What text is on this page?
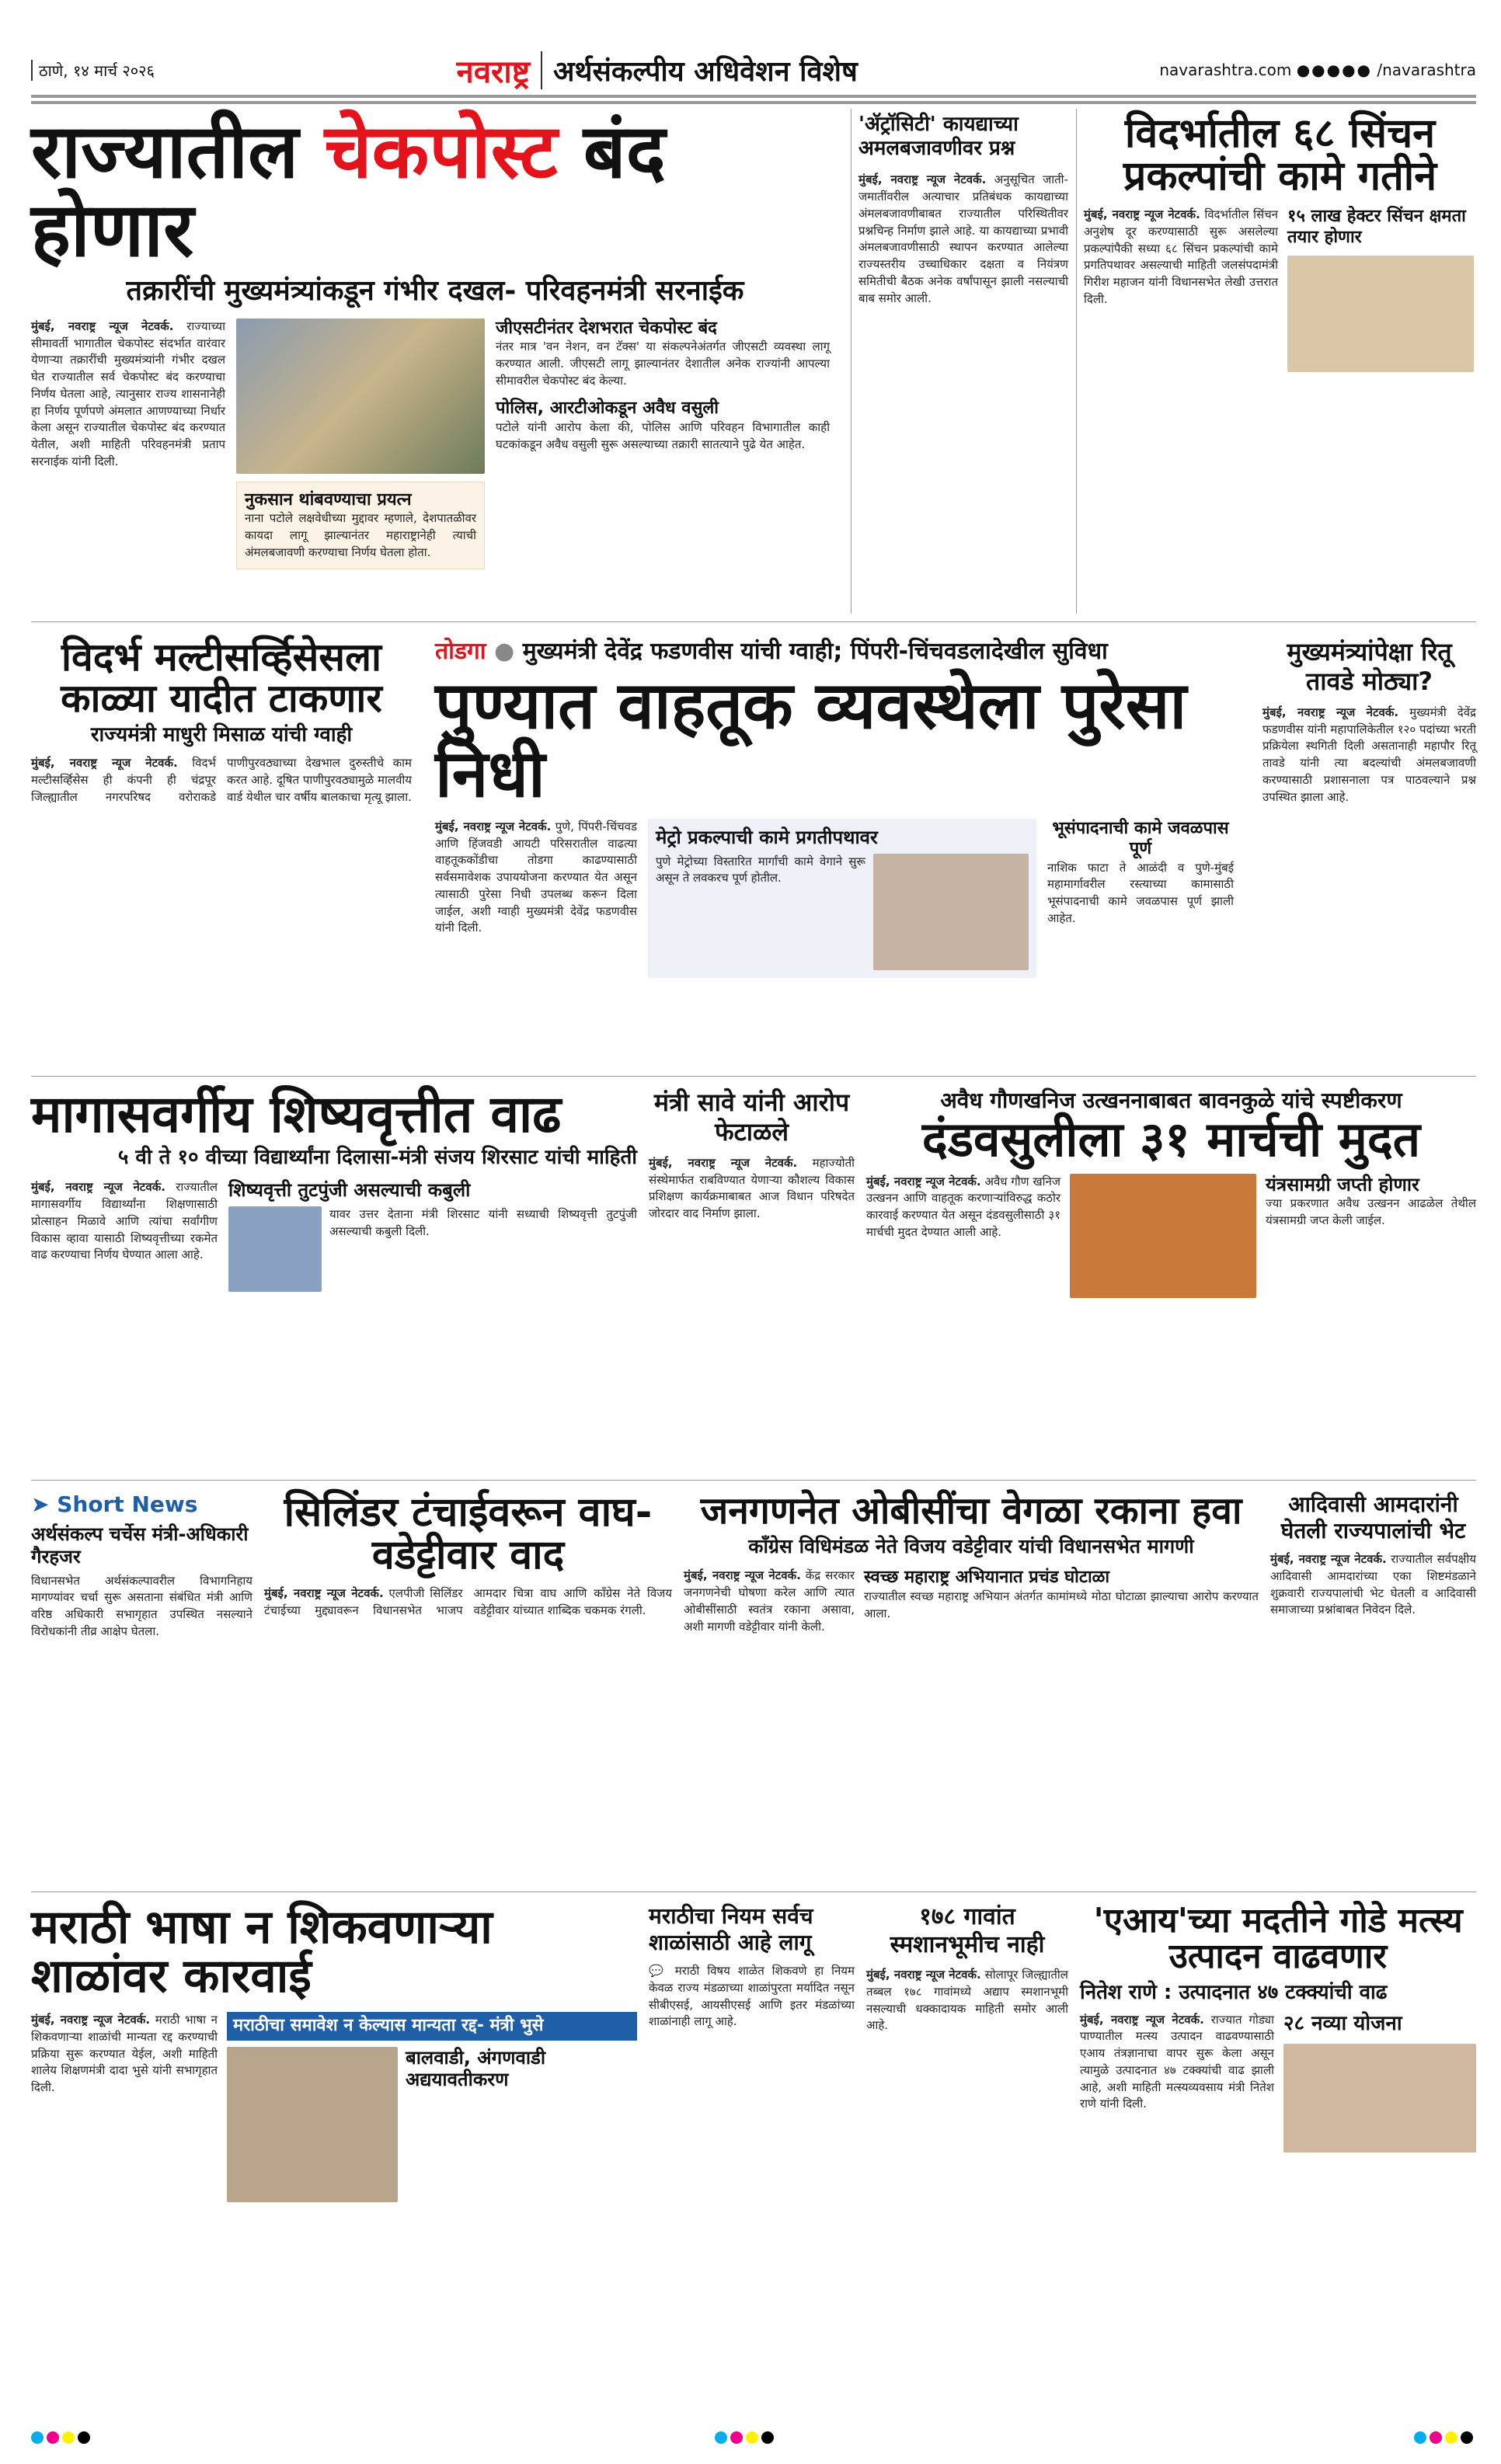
ठाणे, १४ मार्च २०२६	नवराष्ट्र अर्थसंकल्पीय अधिवेशन विशेष	navarashtra.com ●●●●● /navarashtra
राज्यातील चेकपोस्ट बंद होणार
तक्रारींची मुख्यमंत्र्यांकडून गंभीर दखल- परिवहनमंत्री सरनाईक
मुंबई, नवराष्ट्र न्यूज नेटवर्क. राज्याच्या सीमावर्ती भागातील चेकपोस्ट संदर्भात वारंवार येणाऱ्या तक्रारींची मुख्यमंत्र्यांनी गंभीर दखल घेत राज्यातील सर्व चेकपोस्ट बंद करण्याचा निर्णय घेतला आहे, त्यानुसार राज्य शासनानेही हा निर्णय पूर्णपणे अंमलात आणण्याच्या निर्धार केला असून राज्यातील चेकपोस्ट बंद करण्यात येतील, अशी माहिती परिवहनमंत्री प्रताप सरनाईक यांनी दिली.
नुकसान थांबवण्याचा प्रयत्न
नाना पटोले लक्षवेधीच्या मुद्दावर म्हणाले, देशपातळीवर कायदा लागू झाल्यानंतर महाराष्ट्रानेही त्याची अंमलबजावणी करण्याचा निर्णय घेतला होता.
जीएसटीनंतर देशभरात चेकपोस्ट बंद
नंतर मात्र 'वन नेशन, वन टॅक्स' या संकल्पनेअंतर्गत जीएसटी व्यवस्था लागू करण्यात आली. जीएसटी लागू झाल्यानंतर देशातील अनेक राज्यांनी आपल्या सीमावरील चेकपोस्ट बंद केल्या.
पोलिस, आरटीओकडून अवैध वसुली
पटोले यांनी आरोप केला की, पोलिस आणि परिवहन विभागातील काही घटकांकडून अवैध वसुली सुरू असल्याच्या तक्रारी सातत्याने पुढे येत आहेत.
'ॲट्रॉसिटी' कायद्याच्या अमलबजावणीवर प्रश्न
मुंबई, नवराष्ट्र न्यूज नेटवर्क. अनुसूचित जाती-जमातींवरील अत्याचार प्रतिबंधक कायद्याच्या अंमलबजावणीबाबत राज्यातील परिस्थितीवर प्रश्नचिन्ह निर्माण झाले आहे. या कायद्याच्या प्रभावी अंमलबजावणीसाठी स्थापन करण्यात आलेल्या राज्यस्तरीय उच्चाधिकार दक्षता व नियंत्रण समितीची बैठक अनेक वर्षांपासून झाली नसल्याची बाब समोर आली.
विदर्भातील ६८ सिंचन प्रकल्पांची कामे गतीने
मुंबई, नवराष्ट्र न्यूज नेटवर्क. विदर्भातील सिंचन अनुशेष दूर करण्यासाठी सुरू असलेल्या प्रकल्पांपैकी सध्या ६८ सिंचन प्रकल्पांची कामे प्रगतिपथावर असल्याची माहिती जलसंपदामंत्री गिरीश महाजन यांनी विधानसभेत लेखी उत्तरात दिली.
१५ लाख हेक्टर सिंचन क्षमता तयार होणार
विदर्भ मल्टीसर्व्हिसेसला काळ्या यादीत टाकणार
राज्यमंत्री माधुरी मिसाळ यांची ग्वाही
मुंबई, नवराष्ट्र न्यूज नेटवर्क. विदर्भ मल्टीसर्व्हिसेस ही कंपनी ही चंद्रपूर जिल्ह्यातील नगरपरिषद वरोराकडे पाणीपुरवठ्याच्या देखभाल दुरुस्तीचे काम करत आहे. दूषित पाणीपुरवठ्यामुळे मालवीय वार्ड येथील चार वर्षीय बालकाचा मृत्यू झाला.
तोडगा ● मुख्यमंत्री देवेंद्र फडणवीस यांची ग्वाही; पिंपरी-चिंचवडलादेखील सुविधा
पुण्यात वाहतूक व्यवस्थेला पुरेसा निधी
मुंबई, नवराष्ट्र न्यूज नेटवर्क. पुणे, पिंपरी-चिंचवड आणि हिंजवडी आयटी परिसरातील वाढत्या वाहतूककोंडीचा तोडगा काढण्यासाठी सर्वसमावेशक उपाययोजना करण्यात येत असून त्यासाठी पुरेसा निधी उपलब्ध करून दिला जाईल, अशी ग्वाही मुख्यमंत्री देवेंद्र फडणवीस यांनी दिली.
मेट्रो प्रकल्पाची कामे प्रगतीपथावर
पुणे मेट्रोच्या विस्तारित मार्गांची कामे वेगाने सुरू असून ते लवकरच पूर्ण होतील.
भूसंपादनाची कामे जवळपास पूर्ण
नाशिक फाटा ते आळंदी व पुणे-मुंबई महामार्गावरील रस्त्याच्या कामासाठी भूसंपादनाची कामे जवळपास पूर्ण झाली आहेत.
मुख्यमंत्र्यांपेक्षा रितू तावडे मोठ्या?
मुंबई, नवराष्ट्र न्यूज नेटवर्क. मुख्यमंत्री देवेंद्र फडणवीस यांनी महापालिकेतील १२० पदांच्या भरती प्रक्रियेला स्थगिती दिली असतानाही महापौर रितू तावडे यांनी त्या बदल्यांची अंमलबजावणी करण्यासाठी प्रशासनाला पत्र पाठवल्याने प्रश्न उपस्थित झाला आहे.
मागासवर्गीय शिष्यवृत्तीत वाढ
५ वी ते १० वीच्या विद्यार्थ्यांना दिलासा-मंत्री संजय शिरसाट यांची माहिती
मुंबई, नवराष्ट्र न्यूज नेटवर्क. राज्यातील मागासवर्गीय विद्यार्थ्यांना शिक्षणासाठी प्रोत्साहन मिळावे आणि त्यांचा सर्वांगीण विकास व्हावा यासाठी शिष्यवृत्तीच्या रकमेत वाढ करण्याचा निर्णय घेण्यात आला आहे.
शिष्यवृत्ती तुटपुंजी असल्याची कबुली
यावर उत्तर देताना मंत्री शिरसाट यांनी सध्याची शिष्यवृत्ती तुटपुंजी असल्याची कबुली दिली.
मंत्री सावे यांनी आरोप फेटाळले
मुंबई, नवराष्ट्र न्यूज नेटवर्क. महाज्योती संस्थेमार्फत राबविण्यात येणाऱ्या कौशल्य विकास प्रशिक्षण कार्यक्रमाबाबत आज विधान परिषदेत जोरदार वाद निर्माण झाला.
अवैध गौणखनिज उत्खननाबाबत बावनकुळे यांचे स्पष्टीकरण
दंडवसुलीला ३१ मार्चची मुदत
मुंबई, नवराष्ट्र न्यूज नेटवर्क. अवैध गौण खनिज उत्खनन आणि वाहतूक करणाऱ्यांविरुद्ध कठोर कारवाई करण्यात येत असून दंडवसुलीसाठी ३१ मार्चची मुदत देण्यात आली आहे.
यंत्रसामग्री जप्ती होणार
ज्या प्रकरणात अवैध उत्खनन आढळेल तेथील यंत्रसामग्री जप्त केली जाईल.
➤ Short News
अर्थसंकल्प चर्चेस मंत्री-अधिकारी गैरहजर
विधानसभेत अर्थसंकल्पावरील विभागनिहाय मागण्यांवर चर्चा सुरू असताना संबंधित मंत्री आणि वरिष्ठ अधिकारी सभागृहात उपस्थित नसल्याने विरोधकांनी तीव्र आक्षेप घेतला.
सिलिंडर टंचाईवरून वाघ-वडेट्टीवार वाद
मुंबई, नवराष्ट्र न्यूज नेटवर्क. एलपीजी सिलिंडर टंचाईच्या मुद्द्यावरून विधानसभेत भाजप आमदार चित्रा वाघ आणि काँग्रेस नेते विजय वडेट्टीवार यांच्यात शाब्दिक चकमक रंगली.
जनगणनेत ओबीसींचा वेगळा रकाना हवा
काँग्रेस विधिमंडळ नेते विजय वडेट्टीवार यांची विधानसभेत मागणी
मुंबई, नवराष्ट्र न्यूज नेटवर्क. केंद्र सरकार जनगणनेची घोषणा करेल आणि त्यात ओबीसींसाठी स्वतंत्र रकाना असावा, अशी मागणी वडेट्टीवार यांनी केली.
स्वच्छ महाराष्ट्र अभियानात प्रचंड घोटाळा
राज्यातील स्वच्छ महाराष्ट्र अभियान अंतर्गत कामांमध्ये मोठा घोटाळा झाल्याचा आरोप करण्यात आला.
आदिवासी आमदारांनी घेतली राज्यपालांची भेट
मुंबई, नवराष्ट्र न्यूज नेटवर्क. राज्यातील सर्वपक्षीय आदिवासी आमदारांच्या एका शिष्टमंडळाने शुक्रवारी राज्यपालांची भेट घेतली व आदिवासी समाजाच्या प्रश्नांबाबत निवेदन दिले.
मराठी भाषा न शिकवणाऱ्या शाळांवर कारवाई
मुंबई, नवराष्ट्र न्यूज नेटवर्क. मराठी भाषा न शिकवणाऱ्या शाळांची मान्यता रद्द करण्याची प्रक्रिया सुरू करण्यात येईल, अशी माहिती शालेय शिक्षणमंत्री दादा भुसे यांनी सभागृहात दिली.
मराठीचा समावेश न केल्यास मान्यता रद्द- मंत्री भुसे
बालवाडी, अंगणवाडी अद्ययावतीकरण
मराठीचा नियम सर्वच शाळांसाठी आहे लागू
💬 मराठी विषय शाळेत शिकवणे हा नियम केवळ राज्य मंडळाच्या शाळांपुरता मर्यादित नसून सीबीएसई, आयसीएसई आणि इतर मंडळांच्या शाळांनाही लागू आहे.
१७८ गावांत स्मशानभूमीच नाही
मुंबई, नवराष्ट्र न्यूज नेटवर्क. सोलापूर जिल्ह्यातील तब्बल १७८ गावांमध्ये अद्याप स्मशानभूमी नसल्याची धक्कादायक माहिती समोर आली आहे.
'एआय'च्या मदतीने गोडे मत्स्य उत्पादन वाढवणार
नितेश राणे : उत्पादनात ४७ टक्क्यांची वाढ
मुंबई, नवराष्ट्र न्यूज नेटवर्क. राज्यात गोड्या पाण्यातील मत्स्य उत्पादन वाढवण्यासाठी एआय तंत्रज्ञानाचा वापर सुरू केला असून त्यामुळे उत्पादनात ४७ टक्क्यांची वाढ झाली आहे, अशी माहिती मत्स्यव्यवसाय मंत्री नितेश राणे यांनी दिली.
२८ नव्या योजना
